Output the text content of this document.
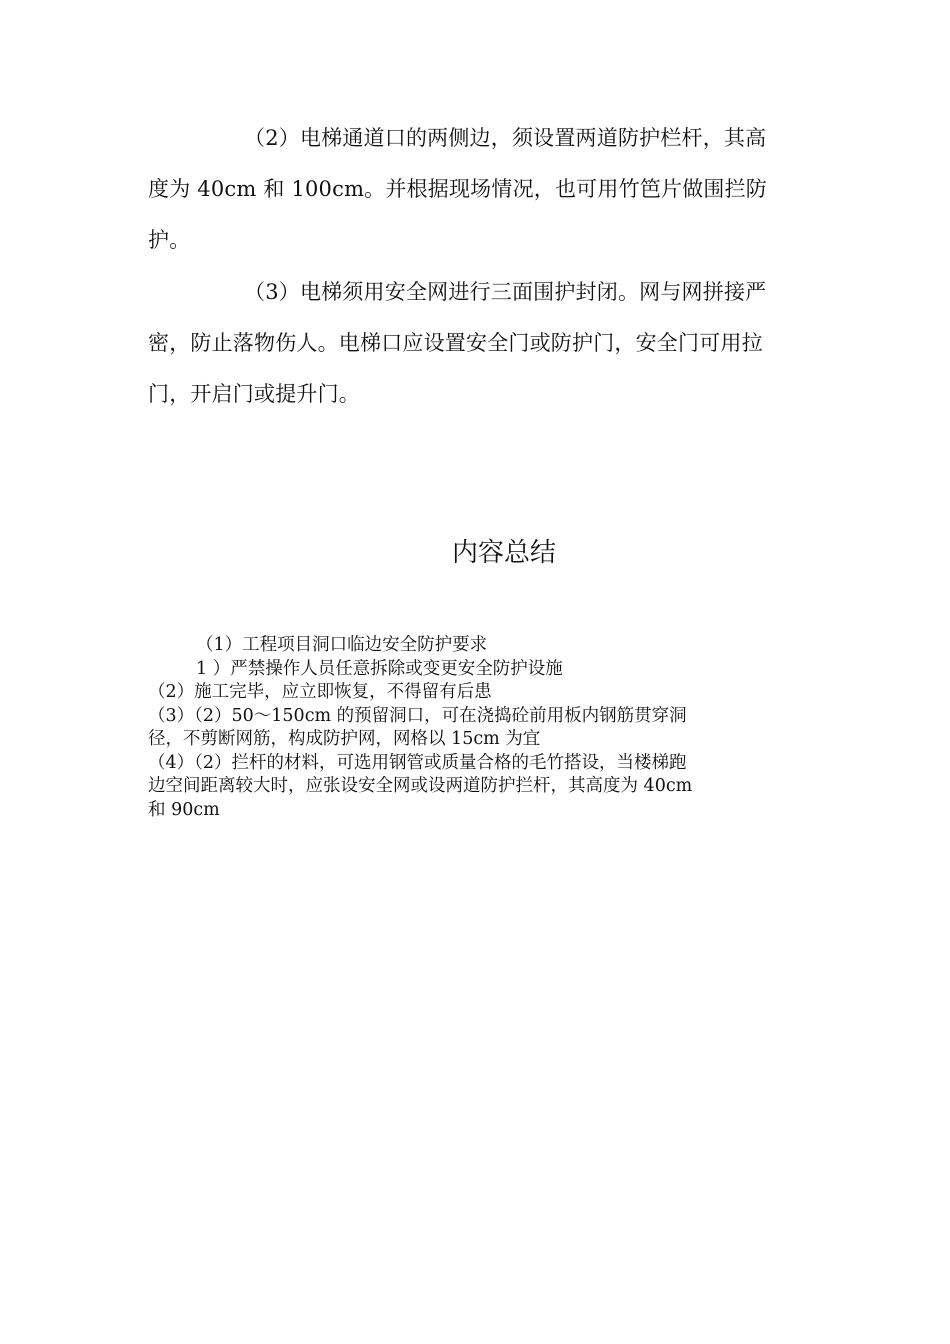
（2）电梯通道口的两侧边，须设置两道防护栏杆，其高
度为 40cm 和 100cm。并根据现场情况，也可用竹笆片做围拦防
护。
（3）电梯须用安全网进行三面围护封闭。网与网拼接严
密，防止落物伤人。电梯口应设置安全门或防护门，安全门可用拉
门，开启门或提升门。
内容总结
（1）工程项目洞口临边安全防护要求
1 ）严禁操作人员任意拆除或变更安全防护设施
（2）施工完毕，应立即恢复，不得留有后患
（3）（2）50～150cm 的预留洞口，可在浇捣砼前用板内钢筋贯穿洞
径，不剪断网筋，构成防护网，网格以 15cm 为宜
（4）（2）拦杆的材料，可选用钢管或质量合格的毛竹搭设，当楼梯跑
边空间距离较大时，应张设安全网或设两道防护拦杆，其高度为 40cm
和 90cm
